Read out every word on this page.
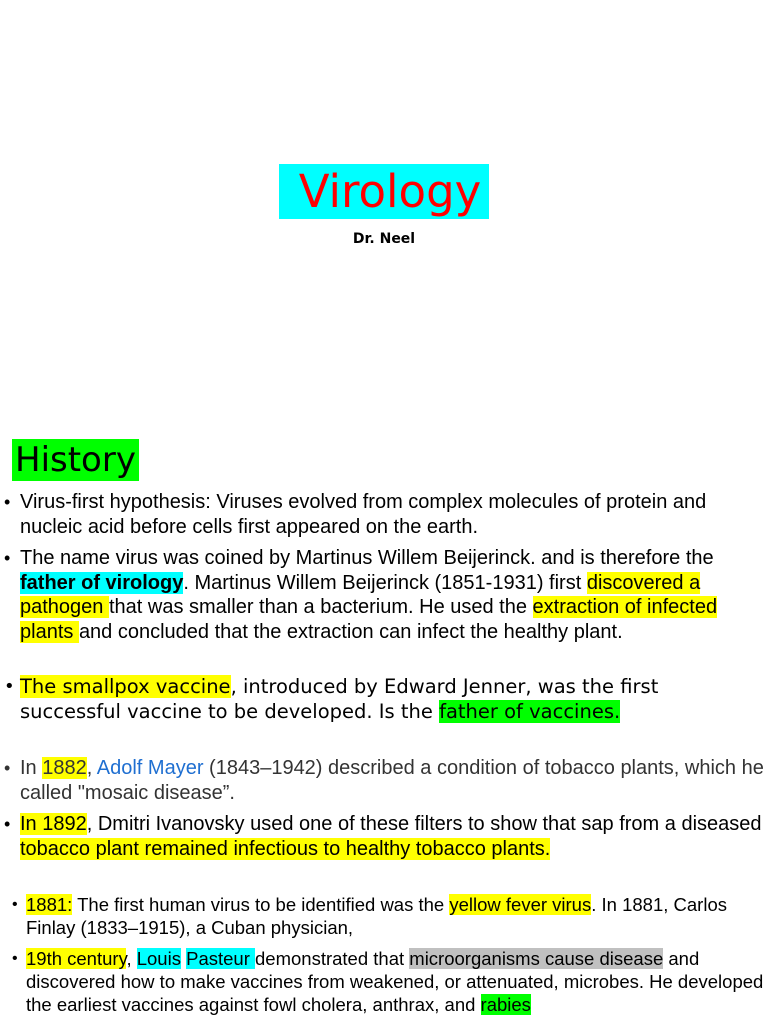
Virology
Dr. Neel
History
• Virus-first hypothesis: Viruses evolved from complex molecules of protein and nucleic acid before cells first appeared on the earth.
• The name virus was coined by Martinus Willem Beijerinck. and is therefore the father of virology. Martinus Willem Beijerinck (1851-1931) first discovered a pathogen that was smaller than a bacterium. He used the extraction of infected plants and concluded that the extraction can infect the healthy plant.
• The smallpox vaccine, introduced by Edward Jenner, was the first successful vaccine to be developed. Is the father of vaccines.
• In 1882, Adolf Mayer (1843–1942) described a condition of tobacco plants, which he called "mosaic disease”.
• In 1892, Dmitri Ivanovsky used one of these filters to show that sap from a diseased tobacco plant remained infectious to healthy tobacco plants.
• 1881: The first human virus to be identified was the yellow fever virus. In 1881, Carlos Finlay (1833–1915), a Cuban physician,
• 19th century, Louis Pasteur demonstrated that microorganisms cause disease and discovered how to make vaccines from weakened, or attenuated, microbes. He developed the earliest vaccines against fowl cholera, anthrax, and rabies
